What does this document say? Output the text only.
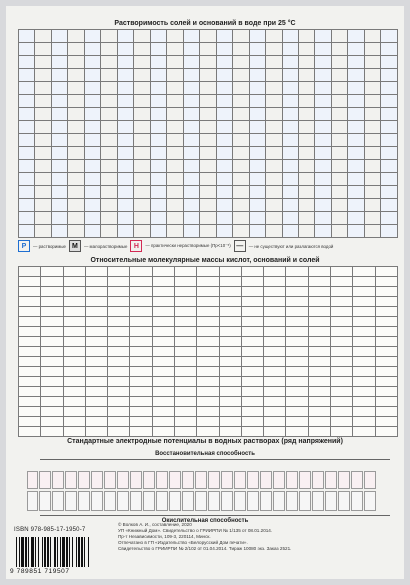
Растворимость солей и оснований в воде при 25 °C

P	— растворимые M	— малорастворимые H	— практически нерастворимые (Пр<10⁻⁵) —	— не существуют или разлагаются водой
Относительные молекулярные массы кислот, оснований и солей

Стандартные электродные потенциалы в водных растворах (ряд напряжений)
Восстановительная способность
Окислительная способность
© Волков А. И., составление, 2020
УП «Книжный Дом». Свидетельство о ГРИИРПИ № 1/135 от 08.01.2014.
Пр-т Независимости, 109-3, 220114, Минск.
Отпечатано в ГП «Издательство «Белорусский Дом печати».
Свидетельство о ГРИИРПИ № 2/102 от 01.04.2014. Тираж 10080 экз. Заказ 2521.
ISBN 978-985-17-1950-7
9 789851 719507
